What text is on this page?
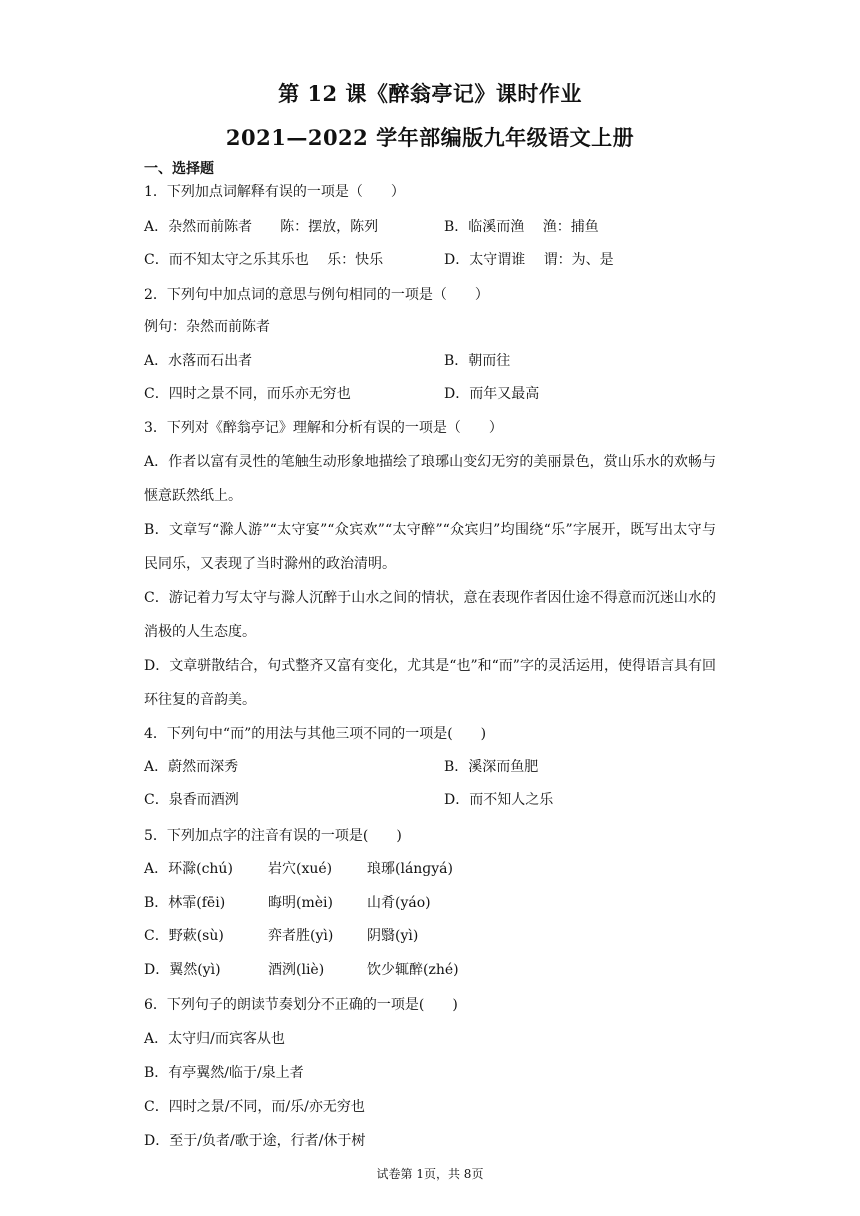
第 12 课《醉翁亭记》课时作业
2021—2022 学年部编版九年级语文上册
一、选择题
1．下列加点词解释有误的一项是（　　）
A．杂然而前陈者　　陈：摆放，陈列	B．临溪而渔　 渔：捕鱼
C．而不知太守之乐其乐也　 乐：快乐	D．太守谓谁　 谓：为、是
2．下列句中加点词的意思与例句相同的一项是（　　）
例句：杂然而前陈者
A．水落而石出者	B．朝而往
C．四时之景不同，而乐亦无穷也	D．而年又最高
3．下列对《醉翁亭记》理解和分析有误的一项是（　　）
A．作者以富有灵性的笔触生动形象地描绘了琅琊山变幻无穷的美丽景色，赏山乐水的欢畅与惬意跃然纸上。
B．文章写“滁人游”“太守宴”“众宾欢”“太守醉”“众宾归”均围绕“乐”字展开，既写出太守与民同乐，又表现了当时滁州的政治清明。
C．游记着力写太守与滁人沉醉于山水之间的情状，意在表现作者因仕途不得意而沉迷山水的消极的人生态度。
D．文章骈散结合，句式整齐又富有变化，尤其是“也”和“而”字的灵活运用，使得语言具有回环往复的音韵美。
4．下列句中“而”的用法与其他三项不同的一项是(　　)
A．蔚然而深秀	B．溪深而鱼肥
C．泉香而酒洌	D．而不知人之乐
5．下列加点字的注音有误的一项是(　　)
A．环滁(chú)	岩穴(xué) 琅琊(lánɡyá)
B．林霏(fēi)	晦明(mèi) 山肴(yáo)
C．野蔌(sù)	弈者胜(yì) 阴翳(yì)
D．翼然(yì)	酒洌(liè)	饮少辄醉(zhé)
6．下列句子的朗读节奏划分不正确的一项是(　　)
A．太守归/而宾客从也
B．有亭翼然/临于/泉上者
C．四时之景/不同，而/乐/亦无穷也
D．至于/负者/歌于途，行者/休于树
试卷第 1页，共 8页
